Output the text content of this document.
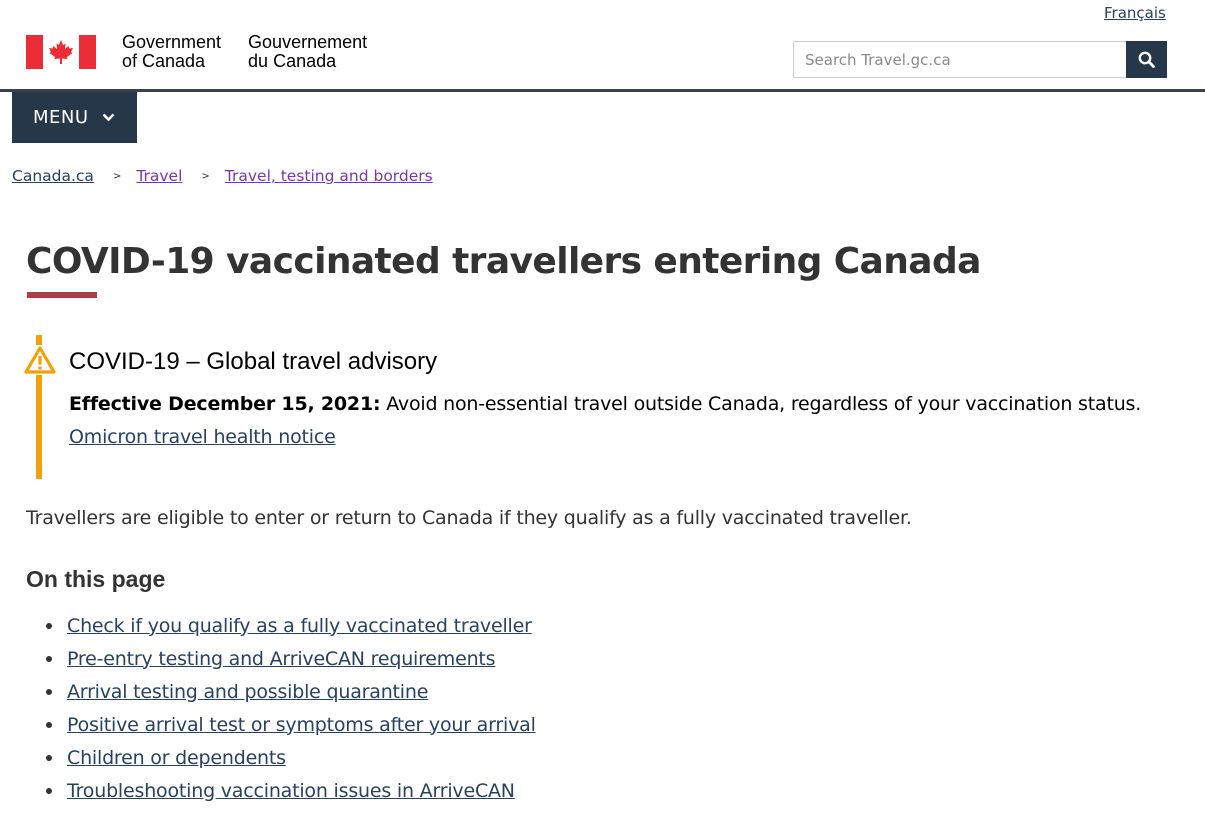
Français
Government
of Canada
Gouvernement
du Canada
Search Travel.gc.ca
MENU
Canada.ca > Travel > Travel, testing and borders
COVID-19 vaccinated travellers entering Canada
COVID-19 – Global travel advisory
Effective December 15, 2021: Avoid non-essential travel outside Canada, regardless of your vaccination status.
Omicron travel health notice

Travellers are eligible to enter or return to Canada if they qualify as a fully vaccinated traveller.

On this page
Check if you qualify as a fully vaccinated traveller
Pre-entry testing and ArriveCAN requirements
Arrival testing and possible quarantine
Positive arrival test or symptoms after your arrival
Children or dependents
Troubleshooting vaccination issues in ArriveCAN
